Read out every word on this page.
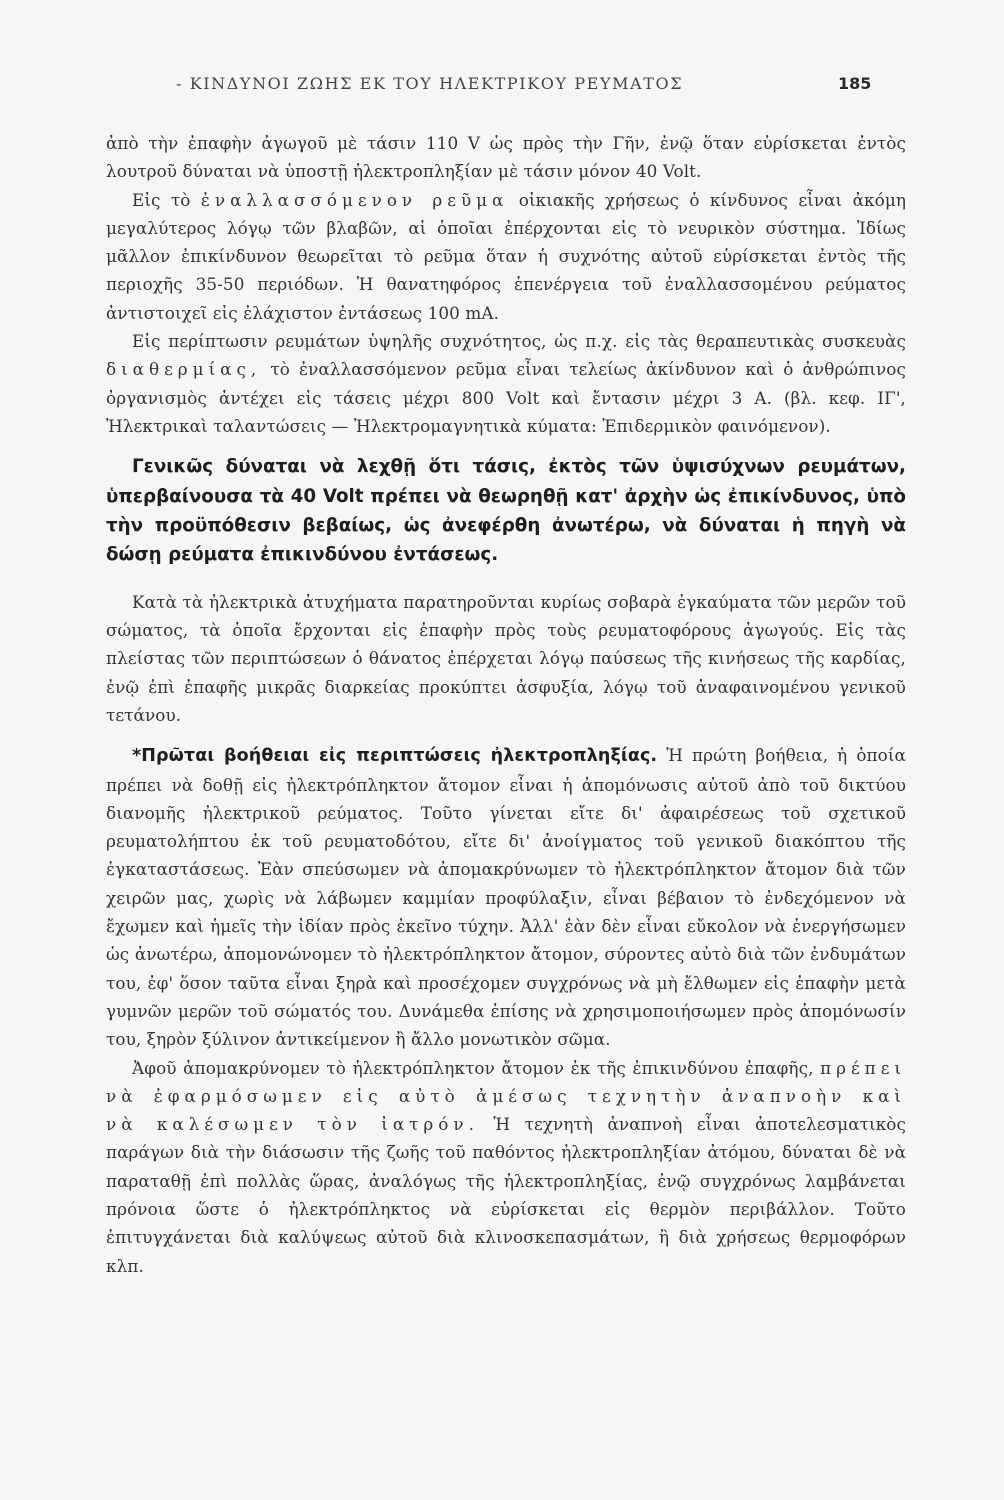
- ΚΙΝΔΥΝΟΙ ΖΩΗΣ ΕΚ ΤΟΥ ΗΛΕΚΤΡΙΚΟΥ ΡΕΥΜΑΤΟΣ	185

ἀπὸ τὴν ἐπαφὴν ἀγωγοῦ μὲ τάσιν 110 V ὡς πρὸς τὴν Γῆν, ἐνῷ ὅταν εὑρίσκεται ἐντὸς λουτροῦ δύναται νὰ ὑποστῇ ἠλεκτροπληξίαν μὲ τάσιν μόνον 40 Volt.

Εἰς τὸ ἐναλλασσόμενον ρεῦμα οἰκιακῆς χρήσεως ὁ κίνδυνος εἶναι ἀκόμη μεγαλύτερος λόγῳ τῶν βλαβῶν, αἱ ὁποῖαι ἐπέρχονται εἰς τὸ νευρικὸν σύστημα. Ἰδίως μᾶλλον ἐπικίνδυνον θεωρεῖται τὸ ρεῦμα ὅταν ἡ συχνότης αὐτοῦ εὑρίσκεται ἐντὸς τῆς περιοχῆς 35-50 περιόδων. Ἡ θανατηφόρος ἐπενέργεια τοῦ ἐναλλασσομένου ρεύματος ἀντιστοιχεῖ εἰς ἐλάχιστον ἐντάσεως 100 mA.

Εἰς περίπτωσιν ρευμάτων ὑψηλῆς συχνότητος, ὡς π.χ. εἰς τὰς θεραπευτικὰς συσκευὰς διαθερμίας, τὸ ἐναλλασσόμενον ρεῦμα εἶναι τελείως ἀκίνδυνον καὶ ὁ ἀνθρώπινος ὀργανισμὸς ἀντέχει εἰς τάσεις μέχρι 800 Volt καὶ ἔντασιν μέχρι 3 A. (βλ. κεφ. ΙΓ', Ἠλεκτρικαὶ ταλαντώσεις — Ἠλεκτρομαγνητικὰ κύματα: Ἐπιδερμικὸν φαινόμενον).

Γενικῶς δύναται νὰ λεχθῇ ὅτι τάσις, ἐκτὸς τῶν ὑψισύχνων ρευμάτων, ὑπερβαίνουσα τὰ 40 Volt πρέπει νὰ θεωρηθῇ κατ' ἀρχὴν ὡς ἐπικίνδυνος, ὑπὸ τὴν προϋπόθεσιν βεβαίως, ὡς ἀνεφέρθη ἀνωτέρω, νὰ δύναται ἡ πηγὴ νὰ δώσῃ ρεύματα ἐπικινδύνου ἐντάσεως.

Κατὰ τὰ ἠλεκτρικὰ ἀτυχήματα παρατηροῦνται κυρίως σοβαρὰ ἐγκαύματα τῶν μερῶν τοῦ σώματος, τὰ ὁποῖα ἔρχονται εἰς ἐπαφὴν πρὸς τοὺς ρευματοφόρους ἀγωγούς. Εἰς τὰς πλείστας τῶν περιπτώσεων ὁ θάνατος ἐπέρχεται λόγῳ παύσεως τῆς κινήσεως τῆς καρδίας, ἐνῷ ἐπὶ ἐπαφῆς μικρᾶς διαρκείας προκύπτει ἀσφυξία, λόγῳ τοῦ ἀναφαινομένου γενικοῦ τετάνου.

*Πρῶται βοήθειαι εἰς περιπτώσεις ἠλεκτροπληξίας. Ἡ πρώτη βοήθεια, ἡ ὁποία πρέπει νὰ δοθῇ εἰς ἠλεκτρόπληκτον ἄτομον εἶναι ἡ ἀπομόνωσις αὐτοῦ ἀπὸ τοῦ δικτύου διανομῆς ἠλεκτρικοῦ ρεύματος. Τοῦτο γίνεται εἴτε δι' ἀφαιρέσεως τοῦ σχετικοῦ ρευματολήπτου ἐκ τοῦ ρευματοδότου, εἴτε δι' ἀνοίγματος τοῦ γενικοῦ διακόπτου τῆς ἐγκαταστάσεως. Ἐὰν σπεύσωμεν νὰ ἀπομακρύνωμεν τὸ ἠλεκτρόπληκτον ἄτομον διὰ τῶν χειρῶν μας, χωρὶς νὰ λάβωμεν καμμίαν προφύλαξιν, εἶναι βέβαιον τὸ ἐνδεχόμενον νὰ ἔχωμεν καὶ ἡμεῖς τὴν ἰδίαν πρὸς ἐκεῖνο τύχην. Ἀλλ' ἐὰν δὲν εἶναι εὔκολον νὰ ἐνεργήσωμεν ὡς ἀνωτέρω, ἀπομονώνομεν τὸ ἠλεκτρόπληκτον ἄτομον, σύροντες αὐτὸ διὰ τῶν ἐνδυμάτων του, ἐφ' ὅσον ταῦτα εἶναι ξηρὰ καὶ προσέχομεν συγχρόνως νὰ μὴ ἔλθωμεν εἰς ἐπαφὴν μετὰ γυμνῶν μερῶν τοῦ σώματός του. Δυνάμεθα ἐπίσης νὰ χρησιμοποιήσωμεν πρὸς ἀπομόνωσίν του, ξηρὸν ξύλινον ἀντικείμενον ἢ ἄλλο μονωτικὸν σῶμα.

Ἀφοῦ ἀπομακρύνομεν τὸ ἠλεκτρόπληκτον ἄτομον ἐκ τῆς ἐπικινδύνου ἐπαφῆς, πρέπει νὰ ἐφαρμόσωμεν εἰς αὐτὸ ἀμέσως τεχνητὴν ἀναπνοὴν καὶ νὰ καλέσωμεν τὸν ἰατρόν. Ἡ τεχνητὴ ἀναπνοὴ εἶναι ἀποτελεσματικὸς παράγων διὰ τὴν διάσωσιν τῆς ζωῆς τοῦ παθόντος ἠλεκτροπληξίαν ἀτόμου, δύναται δὲ νὰ παραταθῇ ἐπὶ πολλὰς ὥρας, ἀναλόγως τῆς ἠλεκτροπληξίας, ἐνῷ συγχρόνως λαμβάνεται πρόνοια ὥστε ὁ ἠλεκτρόπληκτος νὰ εὑρίσκεται εἰς θερμὸν περιβάλλον. Τοῦτο ἐπιτυγχάνεται διὰ καλύψεως αὐτοῦ διὰ κλινοσκεπασμάτων, ἢ διὰ χρήσεως θερμοφόρων κλπ.
